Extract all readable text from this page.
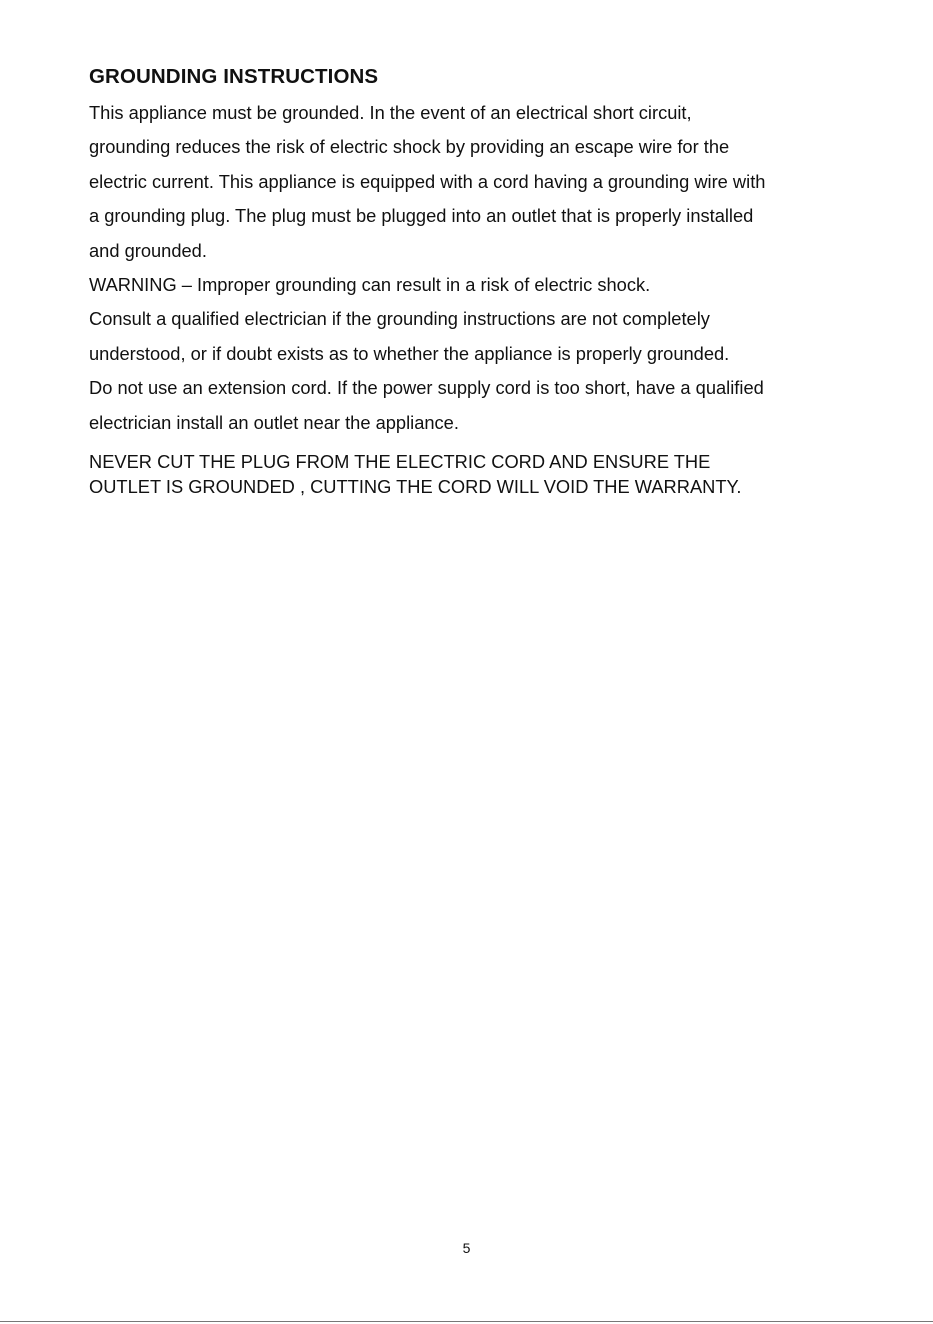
GROUNDING INSTRUCTIONS
This appliance must be grounded. In the event of an electrical short circuit,
grounding reduces the risk of electric shock by providing an escape wire for the
electric current. This appliance is equipped with a cord having a grounding wire with
a grounding plug. The plug must be plugged into an outlet that is properly installed
and grounded.
WARNING – Improper grounding can result in a risk of electric shock.
Consult a qualified electrician if the grounding instructions are not completely
understood, or if doubt exists as to whether the appliance is properly grounded.
Do not use an extension cord. If the power supply cord is too short, have a qualified
electrician install an outlet near the appliance.
NEVER CUT THE PLUG FROM THE ELECTRIC CORD AND ENSURE THE
OUTLET IS GROUNDED , CUTTING THE CORD WILL VOID THE WARRANTY.
5
